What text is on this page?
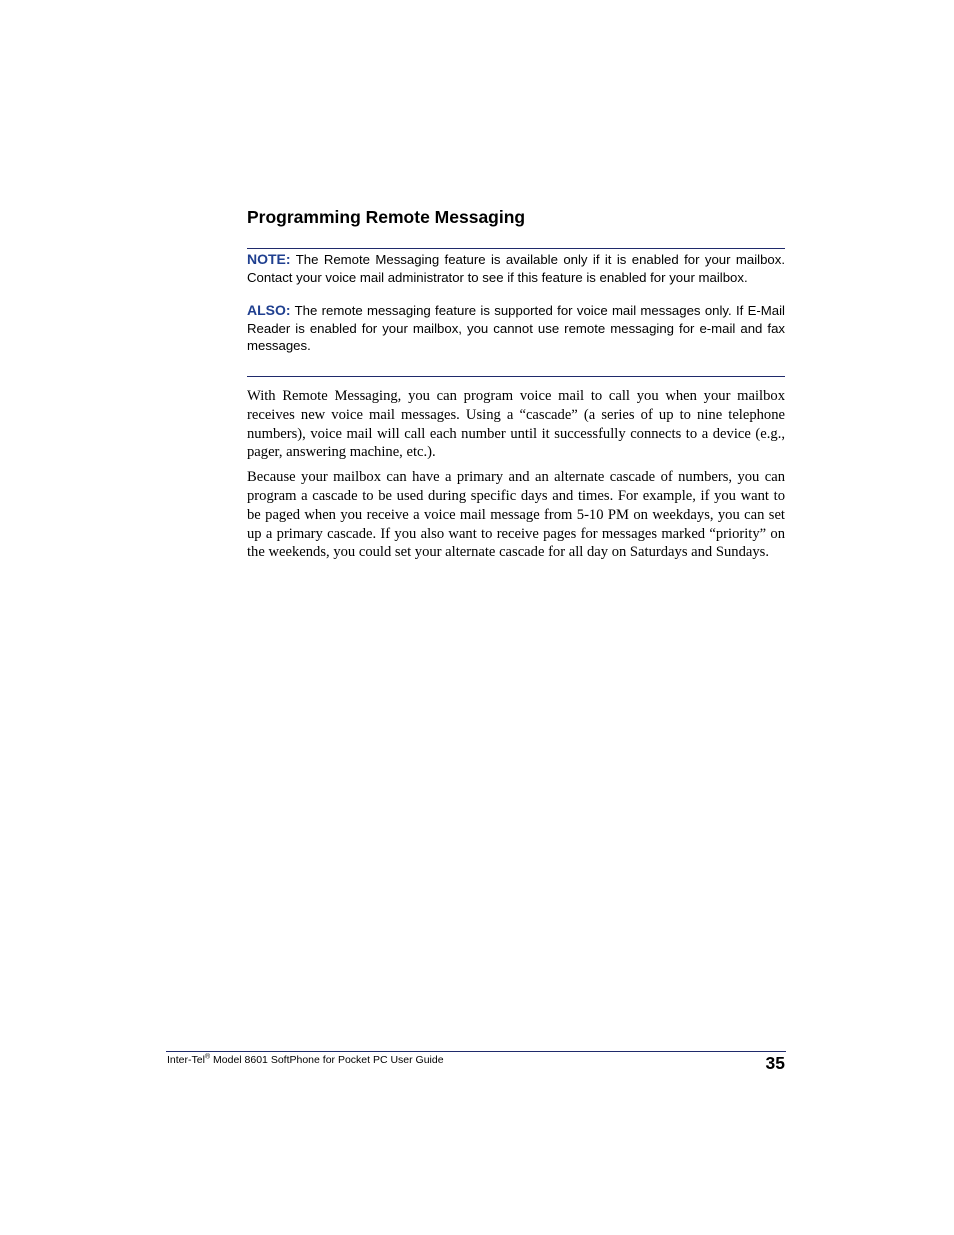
Programming Remote Messaging

NOTE: The Remote Messaging feature is available only if it is enabled for your mailbox. Contact your voice mail administrator to see if this feature is enabled for your mailbox.

ALSO: The remote messaging feature is supported for voice mail messages only. If E-Mail Reader is enabled for your mailbox, you cannot use remote messaging for e-mail and fax messages.

With Remote Messaging, you can program voice mail to call you when your mailbox receives new voice mail messages. Using a “cascade” (a series of up to nine telephone numbers), voice mail will call each number until it successfully connects to a device (e.g., pager, answering machine, etc.).

Because your mailbox can have a primary and an alternate cascade of numbers, you can program a cascade to be used during specific days and times. For example, if you want to be paged when you receive a voice mail message from 5-10 PM on weekdays, you can set up a primary cascade. If you also want to receive pages for messages marked “priority” on the weekends, you could set your alternate cascade for all day on Saturdays and Sundays.

Inter-Tel® Model 8601 SoftPhone for Pocket PC User Guide	35
